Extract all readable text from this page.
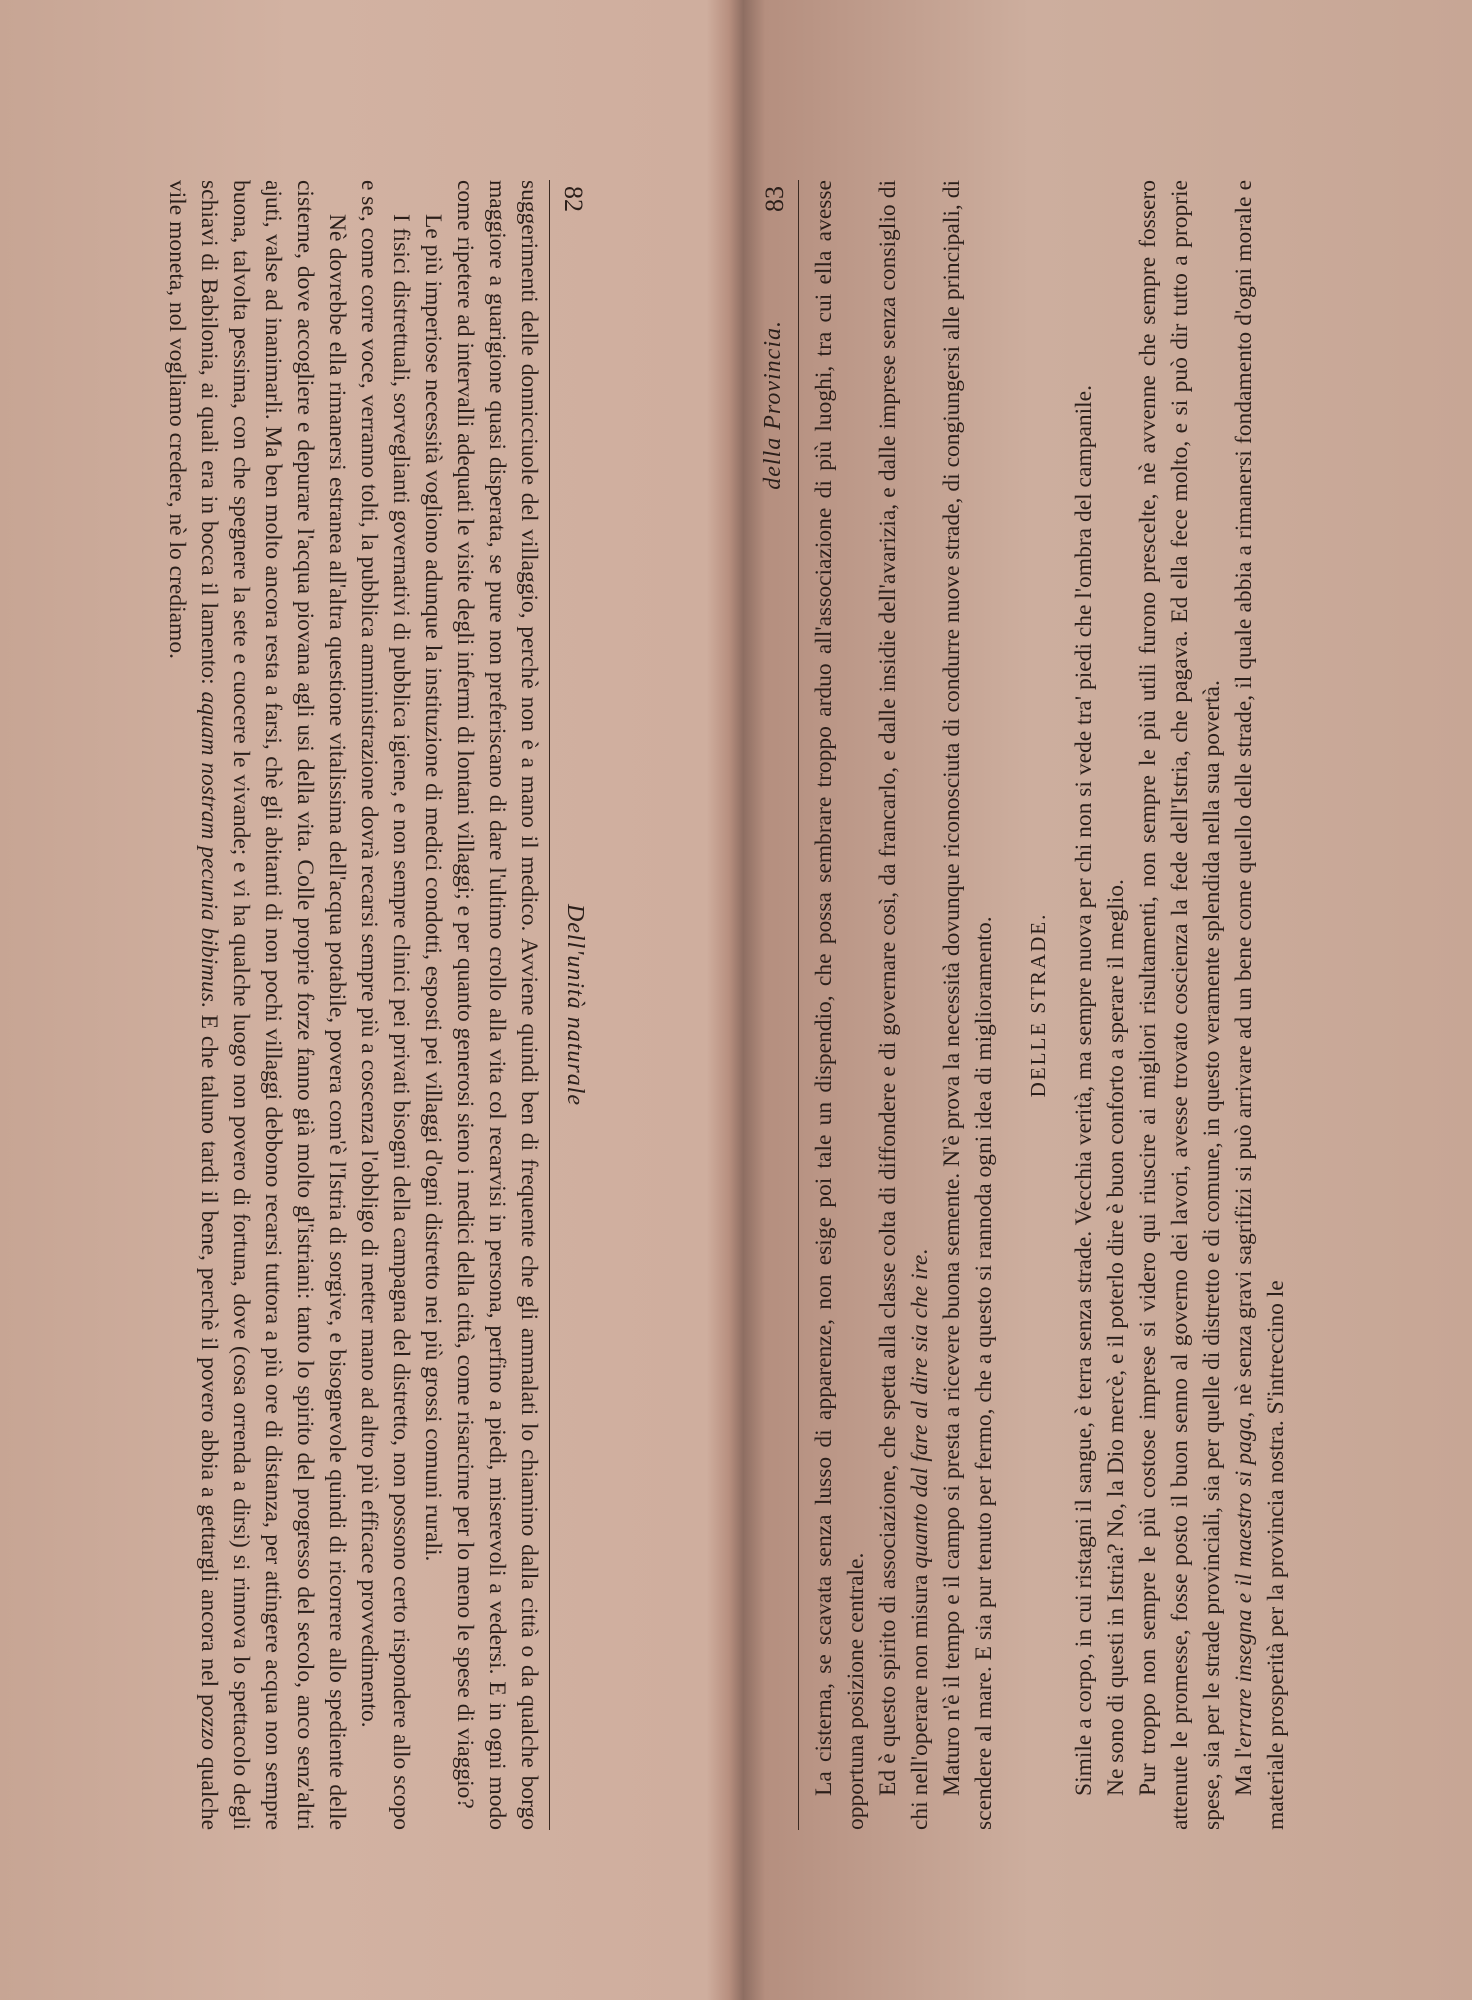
82
Dell'unità naturale

suggerimenti delle donnicciuole del villaggio, perchè non è a mano il medico. Avviene quindi ben di frequente che gli ammalati lo chiamino dalla città o da qualche borgo maggiore a guarigione quasi disperata, se pure non preferiscano di dare l'ultimo crollo alla vita col recarvisi in persona, perfino a piedi, miserevoli a vedersi. E in ogni modo come ripetere ad intervalli adequati le visite degli infermi di lontani villaggi; e per quanto generosi sieno i medici della città, come risarcirne per lo meno le spese di viaggio?

Le più imperiose necessità vogliono adunque la instituzione di medici condotti, esposti pei villaggi d'ogni distretto nei più grossi comuni rurali.

I fisici distrettuali, sorveglianti governativi di pubblica igiene, e non sempre clinici pei privati bisogni della campagna del distretto, non possono certo rispondere allo scopo e se, come corre voce, verranno tolti, la pubblica amministrazione dovrà recarsi sempre più a coscenza l'obbligo di metter mano ad altro più efficace provvedimento.

Nè dovrebbe ella rimanersi estranea all'altra questione vitalissima dell'acqua potabile, povera com'è l'Istria di sorgive, e bisognevole quindi di ricorrere allo spediente delle cisterne, dove accogliere e depurare l'acqua piovana agli usi della vita. Colle proprie forze fanno già molto gl'istriani: tanto lo spirito del progresso del secolo, anco senz'altri ajuti, valse ad inanimarli. Ma ben molto ancora resta a farsi, chè gli abitanti di non pochi villaggi debbono recarsi tuttora a più ore di distanza, per attingere acqua non sempre buona, talvolta pessima, con che spegnere la sete e cuocere le vivande; e vi ha qualche luogo non povero di fortuna, dove (cosa orrenda a dirsi) si rinnova lo spettacolo degli schiavi di Babilonia, ai quali era in bocca il lamento: aquam nostram pecunia bibimus. E che taluno tardi il bene, perchè il povero abbia a gettargli ancora nel pozzo qualche vile moneta, nol vogliamo credere, nè lo crediamo.	della Provincia.
83 La cisterna, se scavata senza lusso di apparenze, non esige poi tale un dispendio, che possa sembrare troppo arduo all'associazione di più luoghi, tra cui ella avesse opportuna posizione centrale. Ed è questo spirito di associazione, che spetta alla classe colta di diffondere e di governare così, da francarlo, e dalle insidie dell'avarizia, e dalle imprese senza consiglio di chi nell'operare non misura quanto dal fare al dire sia che ire. Maturo n'è il tempo e il campo si presta a ricevere buona semente. N'è prova la necessità dovunque riconosciuta di condurre nuove strade, di congiungersi alle principali, di scendere al mare. E sia pur tenuto per fermo, che a questo si rannoda ogni idea di miglioramento. DELLE STRADE. Simile a corpo, in cui ristagni il sangue, è terra senza strade. Vecchia verità, ma sempre nuova per chi non si vede tra' piedi che l'ombra del campanile. Ne sono di questi in Istria? No, la Dio mercè, e il poterlo dire è buon conforto a sperare il meglio. Pur troppo non sempre le più costose imprese si videro qui riuscire ai migliori risultamenti, non sempre le più utili furono prescelte, nè avvenne che sempre fossero attenute le promesse, fosse posto il buon senno al governo dei lavori, avesse trovato coscienza la fede dell'Istria, che pagava. Ed ella fece molto, e si può dir tutto a proprie spese, sia per le strade provinciali, sia per quelle di distretto e di comune, in questo veramente splendida nella sua povertà. Ma l'errare insegna e il maestro si paga, nè senza gravi sagrifizi si può arrivare ad un bene come quello delle strade, il quale abbia a rimanersi fondamento d'ogni morale e materiale prosperità per la provincia nostra. S'intreccino le
